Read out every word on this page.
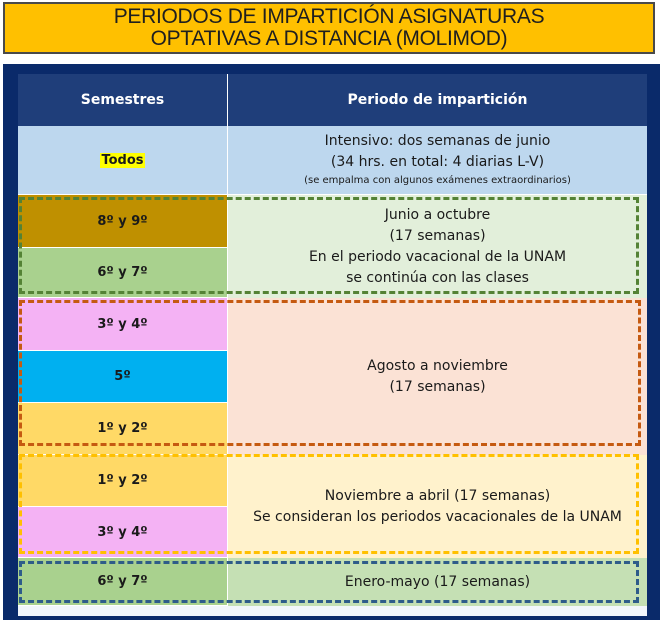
PERIODOS DE IMPARTICIÓN ASIGNATURAS
OPTATIVAS A DISTANCIA (MOLIMOD)
Semestres	Periodo de impartición
Todos
Intensivo: dos semanas de junio
(34 hrs. en total: 4 diarias L-V)
(se empalma con algunos exámenes extraordinarios)
8º y 9º
6º y 7º
Junio a octubre
(17 semanas)
En el periodo vacacional de la UNAM
se continúa con las clases
3º y 4º
5º
1º y 2º
Agosto a noviembre
(17 semanas)
1º y 2º
3º y 4º
Noviembre a abril (17 semanas)
Se consideran los periodos vacacionales de la UNAM
6º y 7º	Enero-mayo (17 semanas)
